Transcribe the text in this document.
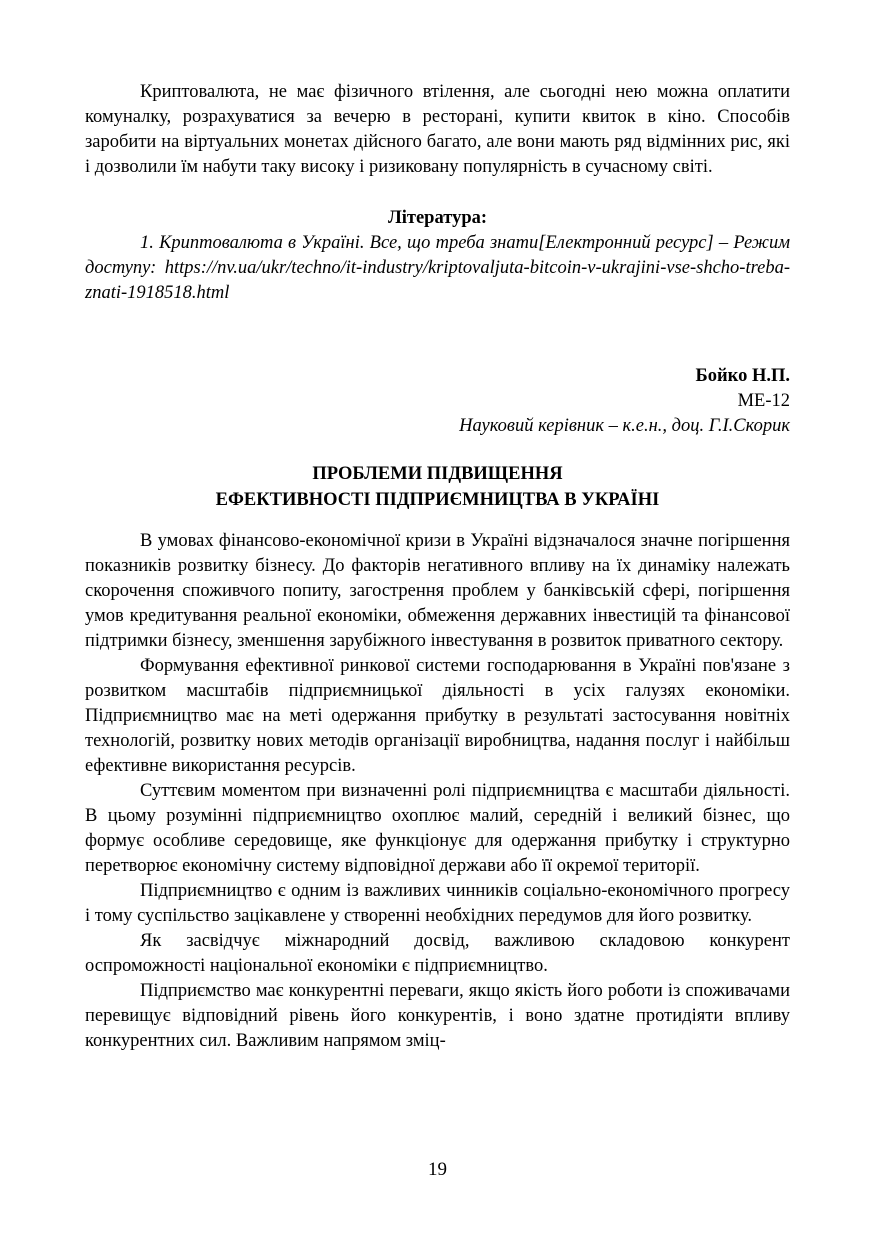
Криптовалюта, не має фізичного втілення, але сьогодні нею можна оплатити комуналку, розрахуватися за вечерю в ресторані, купити квиток в кіно. Способів заробити на віртуальних монетах дійсного багато, але вони мають ряд відмінних рис, які і дозволили їм набути таку високу і ризиковану популярність в сучасному світі.

Література:

1. Криптовалюта в Україні. Все, що треба знати[Електронний ресурс] – Режим доступу: https://nv.ua/ukr/techno/it-industry/kriptovaljuta-bitcoin-v-ukrajini-vse-shcho-treba-znati-1918518.html

Бойко Н.П.

МЕ-12

Науковий керівник – к.е.н., доц. Г.І.Скорик

ПРОБЛЕМИ ПІДВИЩЕННЯ
ЕФЕКТИВНОСТІ ПІДПРИЄМНИЦТВА В УКРАЇНІ

В умовах фінансово-економічної кризи в Україні відзначалося значне погіршення показників розвитку бізнесу. До факторів негативного впливу на їх динаміку належать скорочення споживчого попиту, загострення проблем у банківській сфері, погіршення умов кредитування реальної економіки, обмеження державних інвестицій та фінансової підтримки бізнесу, зменшення зарубіжного інвестування в розвиток приватного сектору.

Формування ефективної ринкової системи господарювання в Україні пов'язане з розвитком масштабів підприємницької діяльності в усіх галузях економіки. Підприємництво має на меті одержання прибутку в результаті застосування новітніх технологій, розвитку нових методів організації виробництва, надання послуг і найбільш ефективне використання ресурсів.

Суттєвим моментом при визначенні ролі підприємництва є масштаби діяльності. В цьому розумінні підприємництво охоплює малий, середній і великий бізнес, що формує особливе середовище, яке функціонує для одержання прибутку і структурно перетворює економічну систему відповідної держави або її окремої території.

Підприємництво є одним із важливих чинників соціально-економічного прогресу і тому суспільство зацікавлене у створенні необхідних передумов для його розвитку.

Як засвідчує міжнародний досвід, важливою складовою конкурент оспроможності національної економіки є підприємництво.

Підприємство має конкурентні переваги, якщо якість його роботи із споживачами перевищує відповідний рівень його конкурентів, і воно здатне протидіяти впливу конкурентних сил. Важливим напрямом зміц-

19
